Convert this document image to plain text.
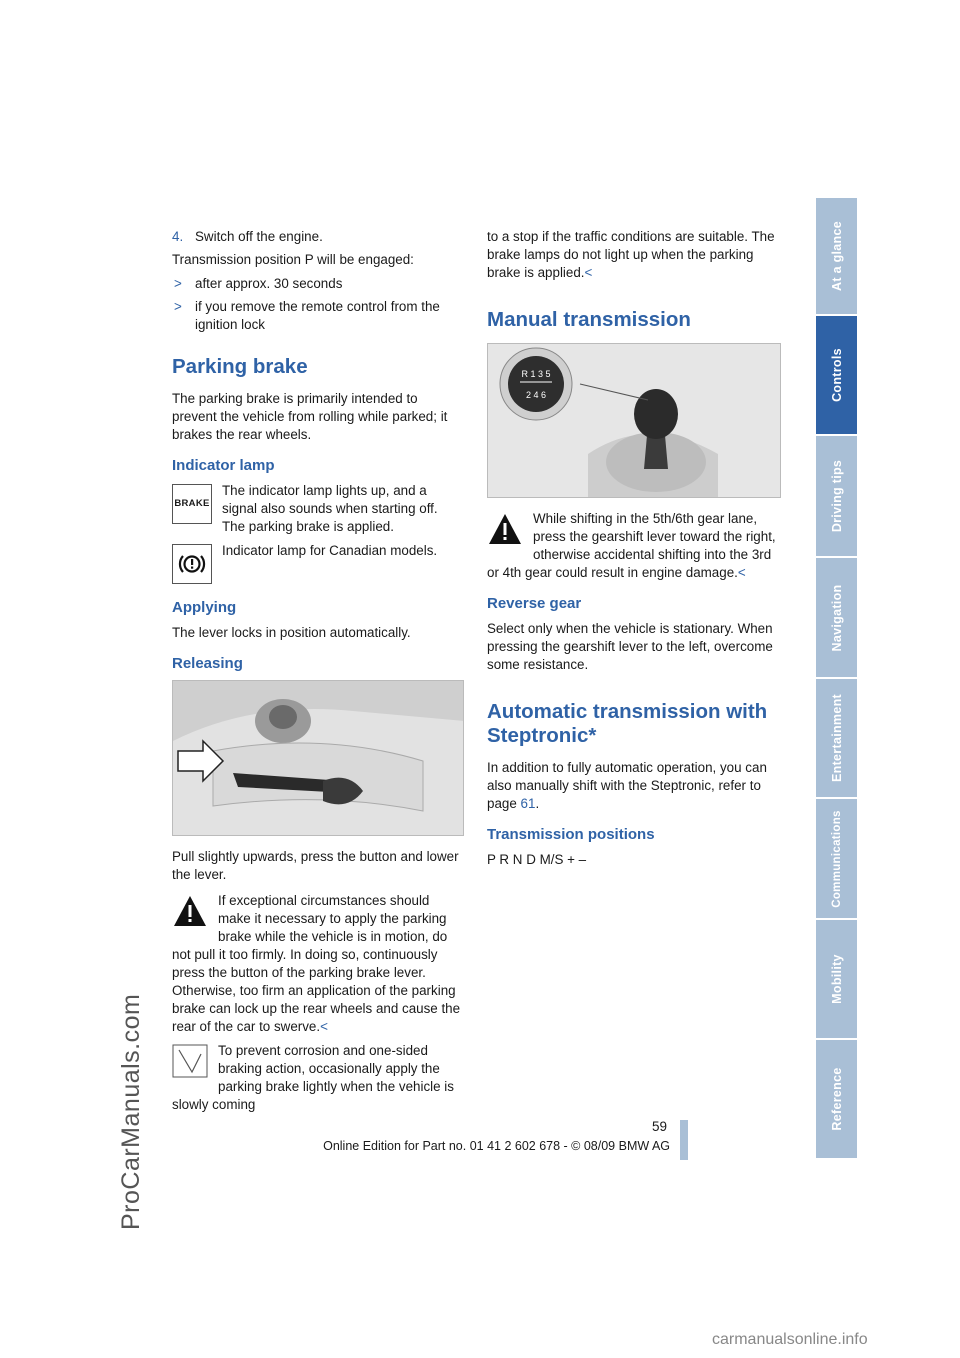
ProCarManuals.com
At a glance
Controls
Driving tips
Navigation
Entertainment
Communications
Mobility
Reference
4. Switch off the engine.

Transmission position P will be engaged:

> after approx. 30 seconds
> if you remove the remote control from the ignition lock
Parking brake

The parking brake is primarily intended to prevent the vehicle from rolling while parked; it brakes the rear wheels.

Indicator lamp
BRAKE

The indicator lamp lights up, and a signal also sounds when starting off. The parking brake is applied.

Indicator lamp for Canadian models.

Applying

The lever locks in position automatically.

Releasing

Pull slightly upwards, press the button and lower the lever.

If exceptional circumstances should make it necessary to apply the parking brake while the vehicle is in motion, do not pull it too firmly. In doing so, continuously press the button of the parking brake lever. Otherwise, too firm an application of the parking brake can lock up the rear wheels and cause the rear of the car to swerve.<
To prevent corrosion and one-sided braking action, occasionally apply the parking brake lightly when the vehicle is slowly coming

to a stop if the traffic conditions are suitable. The brake lamps do not light up when the parking brake is applied.<

Manual transmission
R 1 3 5
2 4 6
While shifting in the 5th/6th gear lane, press the gearshift lever toward the right, otherwise accidental shifting into the 3rd or 4th gear could result in engine damage.<
Reverse gear

Select only when the vehicle is stationary. When pressing the gearshift lever to the left, overcome some resistance.

Automatic transmission with Steptronic*

In addition to fully automatic operation, you can also manually shift with the Steptronic, refer to page 61.

Transmission positions

P R N D M/S + –

59
Online Edition for Part no. 01 41 2 602 678 - © 08/09 BMW AG
carmanualsonline.info
